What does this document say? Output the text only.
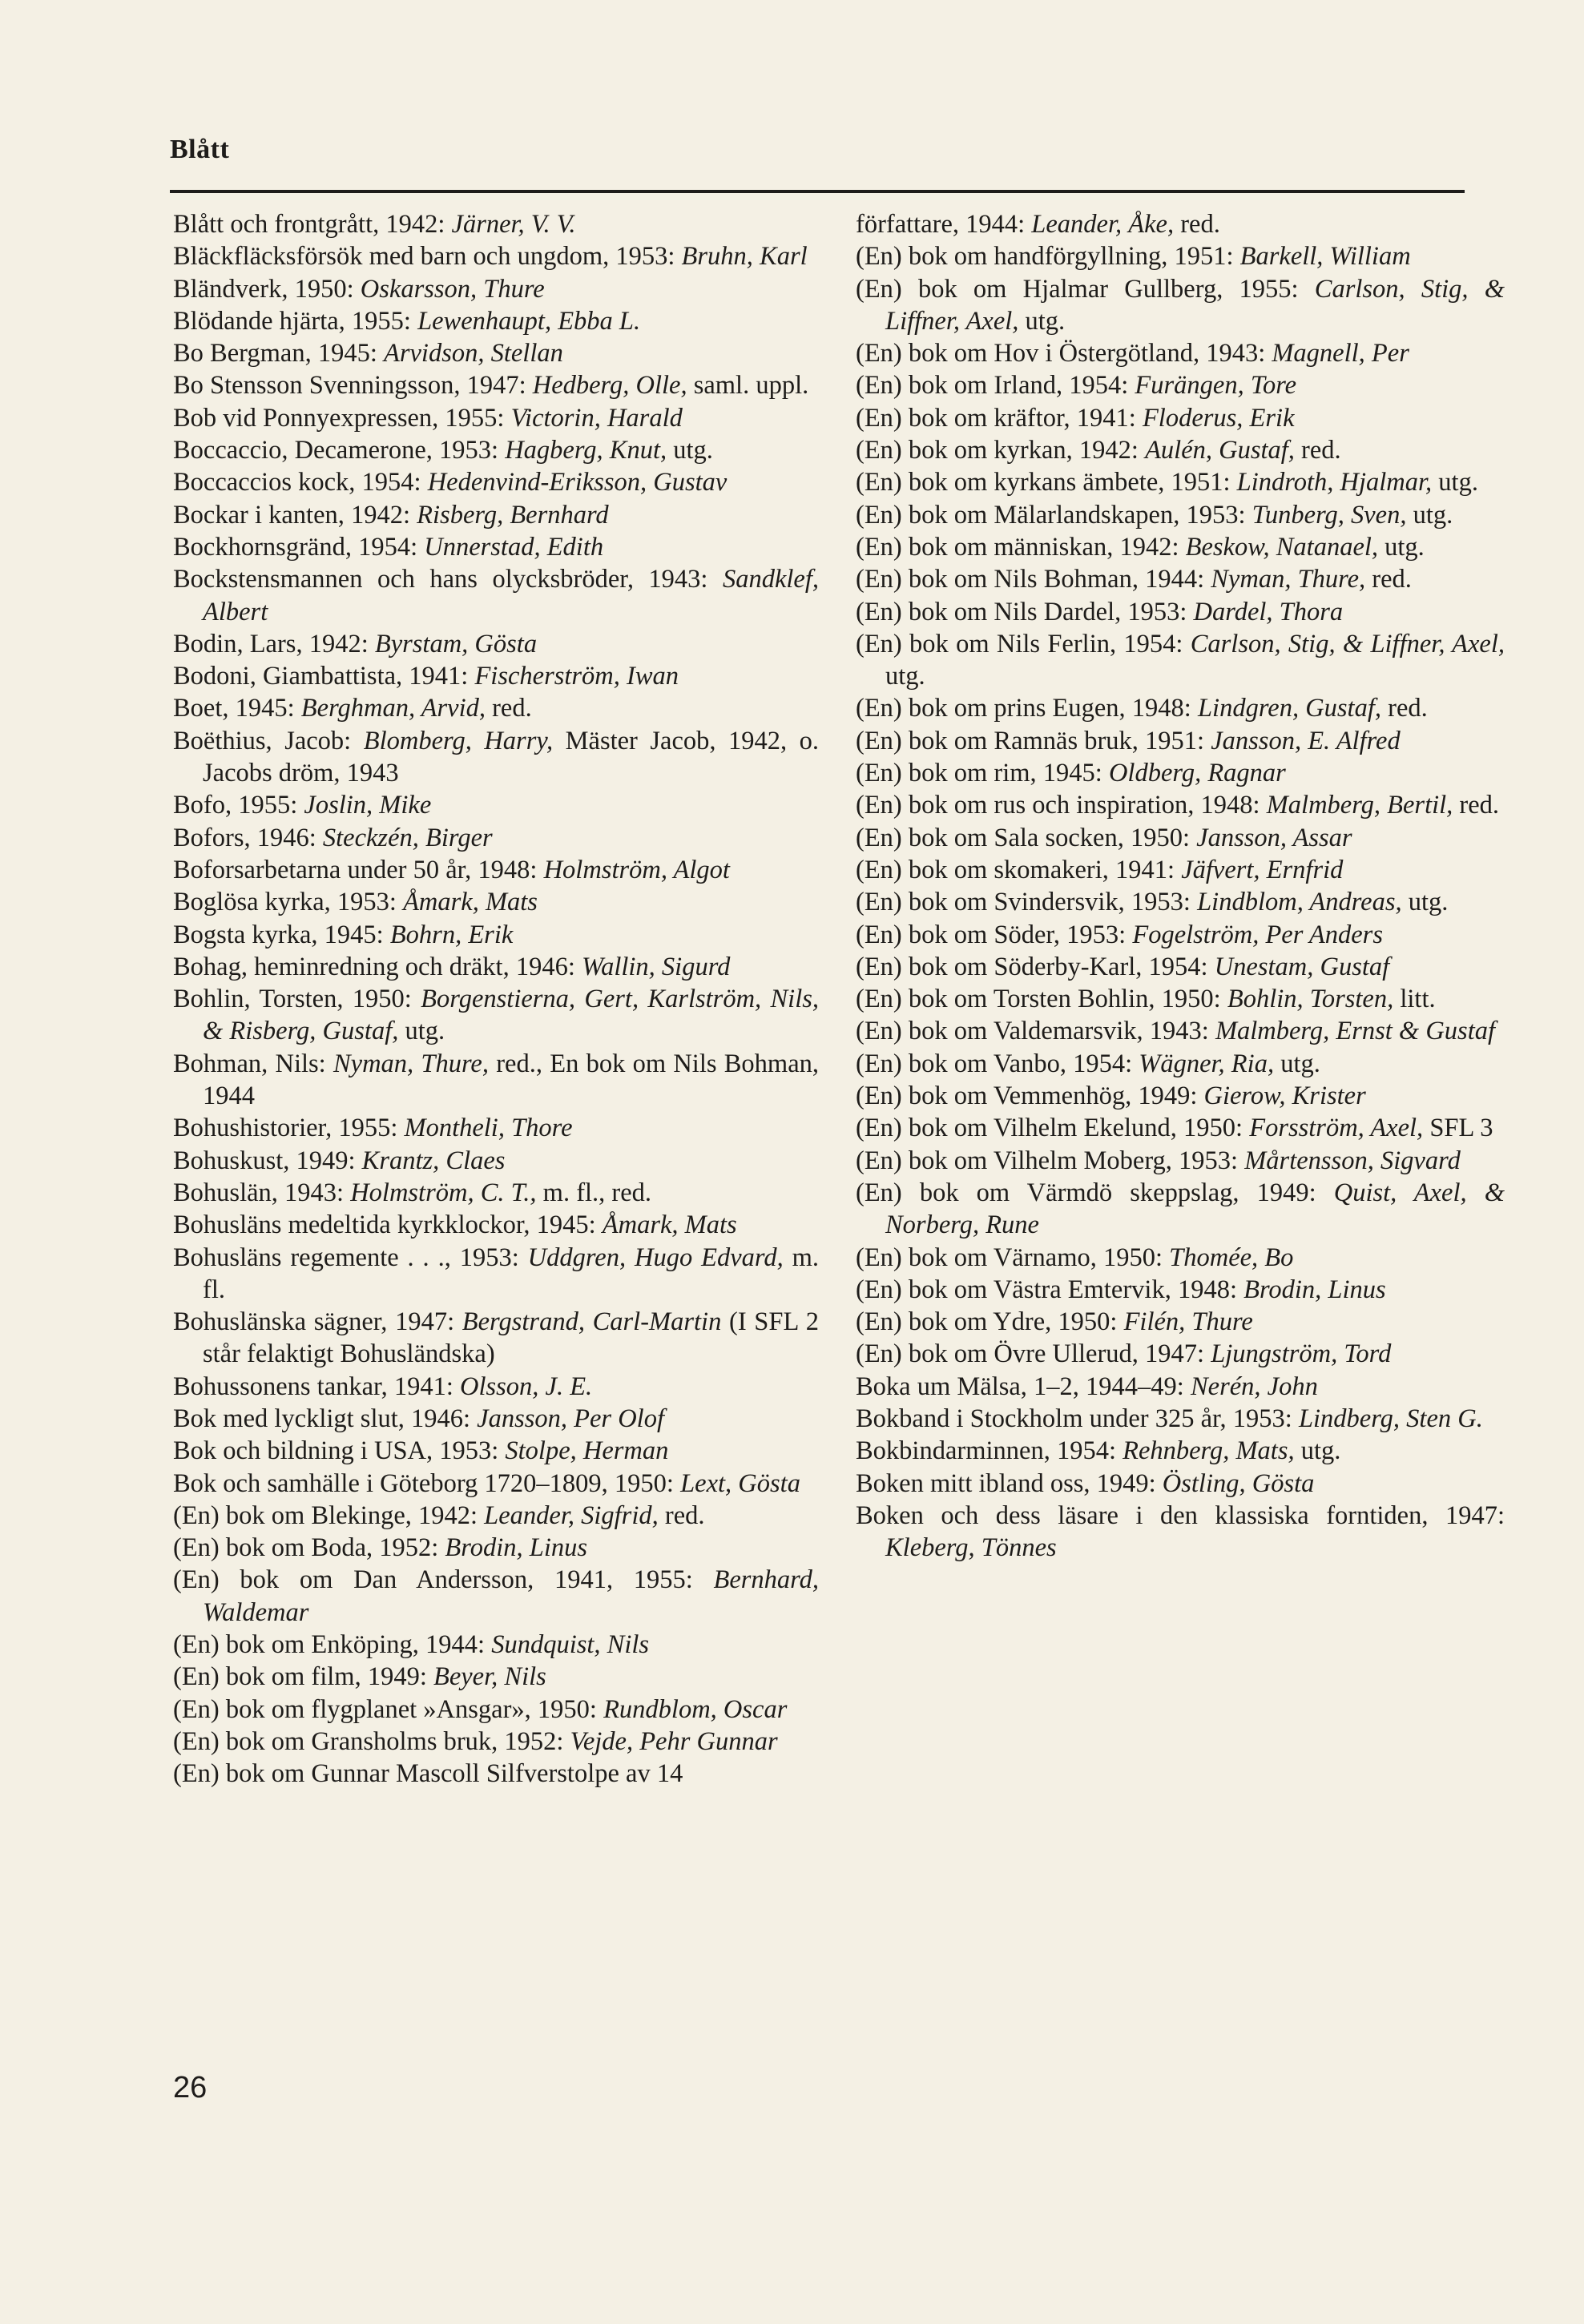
Blått

Blått och frontgrått, 1942: Järner, V. V.

Bläckfläcksförsök med barn och ungdom, 1953: Bruhn, Karl

Bländverk, 1950: Oskarsson, Thure

Blödande hjärta, 1955: Lewenhaupt, Ebba L.

Bo Bergman, 1945: Arvidson, Stellan

Bo Stensson Svenningsson, 1947: Hedberg, Olle, saml. uppl.

Bob vid Ponnyexpressen, 1955: Victorin, Harald

Boccaccio, Decamerone, 1953: Hagberg, Knut, utg.

Boccaccios kock, 1954: Hedenvind-Eriksson, Gustav

Bockar i kanten, 1942: Risberg, Bernhard

Bockhornsgränd, 1954: Unnerstad, Edith

Bockstensmannen och hans olycksbröder, 1943: Sandklef, Albert

Bodin, Lars, 1942: Byrstam, Gösta

Bodoni, Giambattista, 1941: Fischerström, Iwan

Boet, 1945: Berghman, Arvid, red.

Boëthius, Jacob: Blomberg, Harry, Mäster Jacob, 1942, o. Jacobs dröm, 1943

Bofo, 1955: Joslin, Mike

Bofors, 1946: Steckzén, Birger

Boforsarbetarna under 50 år, 1948: Holmström, Algot

Boglösa kyrka, 1953: Åmark, Mats

Bogsta kyrka, 1945: Bohrn, Erik

Bohag, heminredning och dräkt, 1946: Wallin, Sigurd

Bohlin, Torsten, 1950: Borgenstierna, Gert, Karlström, Nils, & Risberg, Gustaf, utg.

Bohman, Nils: Nyman, Thure, red., En bok om Nils Bohman, 1944

Bohushistorier, 1955: Montheli, Thore

Bohuskust, 1949: Krantz, Claes

Bohuslän, 1943: Holmström, C. T., m. fl., red.

Bohusläns medeltida kyrkklockor, 1945: Åmark, Mats

Bohusläns regemente . . ., 1953: Uddgren, Hugo Edvard, m. fl.

Bohuslänska sägner, 1947: Bergstrand, Carl-Martin (I SFL 2 står felaktigt Bohusländska)

Bohussonens tankar, 1941: Olsson, J. E.

Bok med lyckligt slut, 1946: Jansson, Per Olof

Bok och bildning i USA, 1953: Stolpe, Herman

Bok och samhälle i Göteborg 1720–1809, 1950: Lext, Gösta

(En) bok om Blekinge, 1942: Leander, Sigfrid, red.

(En) bok om Boda, 1952: Brodin, Linus

(En) bok om Dan Andersson, 1941, 1955: Bernhard, Waldemar

(En) bok om Enköping, 1944: Sundquist, Nils

(En) bok om film, 1949: Beyer, Nils

(En) bok om flygplanet »Ansgar», 1950: Rundblom, Oscar

(En) bok om Gransholms bruk, 1952: Vejde, Pehr Gunnar

(En) bok om Gunnar Mascoll Silfverstolpe av 14

författare, 1944: Leander, Åke, red.

(En) bok om handförgyllning, 1951: Barkell, William

(En) bok om Hjalmar Gullberg, 1955: Carlson, Stig, & Liffner, Axel, utg.

(En) bok om Hov i Östergötland, 1943: Magnell, Per

(En) bok om Irland, 1954: Furängen, Tore

(En) bok om kräftor, 1941: Floderus, Erik

(En) bok om kyrkan, 1942: Aulén, Gustaf, red.

(En) bok om kyrkans ämbete, 1951: Lindroth, Hjalmar, utg.

(En) bok om Mälarlandskapen, 1953: Tunberg, Sven, utg.

(En) bok om människan, 1942: Beskow, Natanael, utg.

(En) bok om Nils Bohman, 1944: Nyman, Thure, red.

(En) bok om Nils Dardel, 1953: Dardel, Thora

(En) bok om Nils Ferlin, 1954: Carlson, Stig, & Liffner, Axel, utg.

(En) bok om prins Eugen, 1948: Lindgren, Gustaf, red.

(En) bok om Ramnäs bruk, 1951: Jansson, E. Alfred

(En) bok om rim, 1945: Oldberg, Ragnar

(En) bok om rus och inspiration, 1948: Malmberg, Bertil, red.

(En) bok om Sala socken, 1950: Jansson, Assar

(En) bok om skomakeri, 1941: Jäfvert, Ernfrid

(En) bok om Svindersvik, 1953: Lindblom, Andreas, utg.

(En) bok om Söder, 1953: Fogelström, Per Anders

(En) bok om Söderby-Karl, 1954: Unestam, Gustaf

(En) bok om Torsten Bohlin, 1950: Bohlin, Torsten, litt.

(En) bok om Valdemarsvik, 1943: Malmberg, Ernst & Gustaf

(En) bok om Vanbo, 1954: Wägner, Ria, utg.

(En) bok om Vemmenhög, 1949: Gierow, Krister

(En) bok om Vilhelm Ekelund, 1950: Forsström, Axel, SFL 3

(En) bok om Vilhelm Moberg, 1953: Mårtensson, Sigvard

(En) bok om Värmdö skeppslag, 1949: Quist, Axel, & Norberg, Rune

(En) bok om Värnamo, 1950: Thomée, Bo

(En) bok om Västra Emtervik, 1948: Brodin, Linus

(En) bok om Ydre, 1950: Filén, Thure

(En) bok om Övre Ullerud, 1947: Ljungström, Tord

Boka um Mälsa, 1–2, 1944–49: Nerén, John

Bokband i Stockholm under 325 år, 1953: Lindberg, Sten G.

Bokbindarminnen, 1954: Rehnberg, Mats, utg.

Boken mitt ibland oss, 1949: Östling, Gösta

Boken och dess läsare i den klassiska forntiden, 1947: Kleberg, Tönnes

26
